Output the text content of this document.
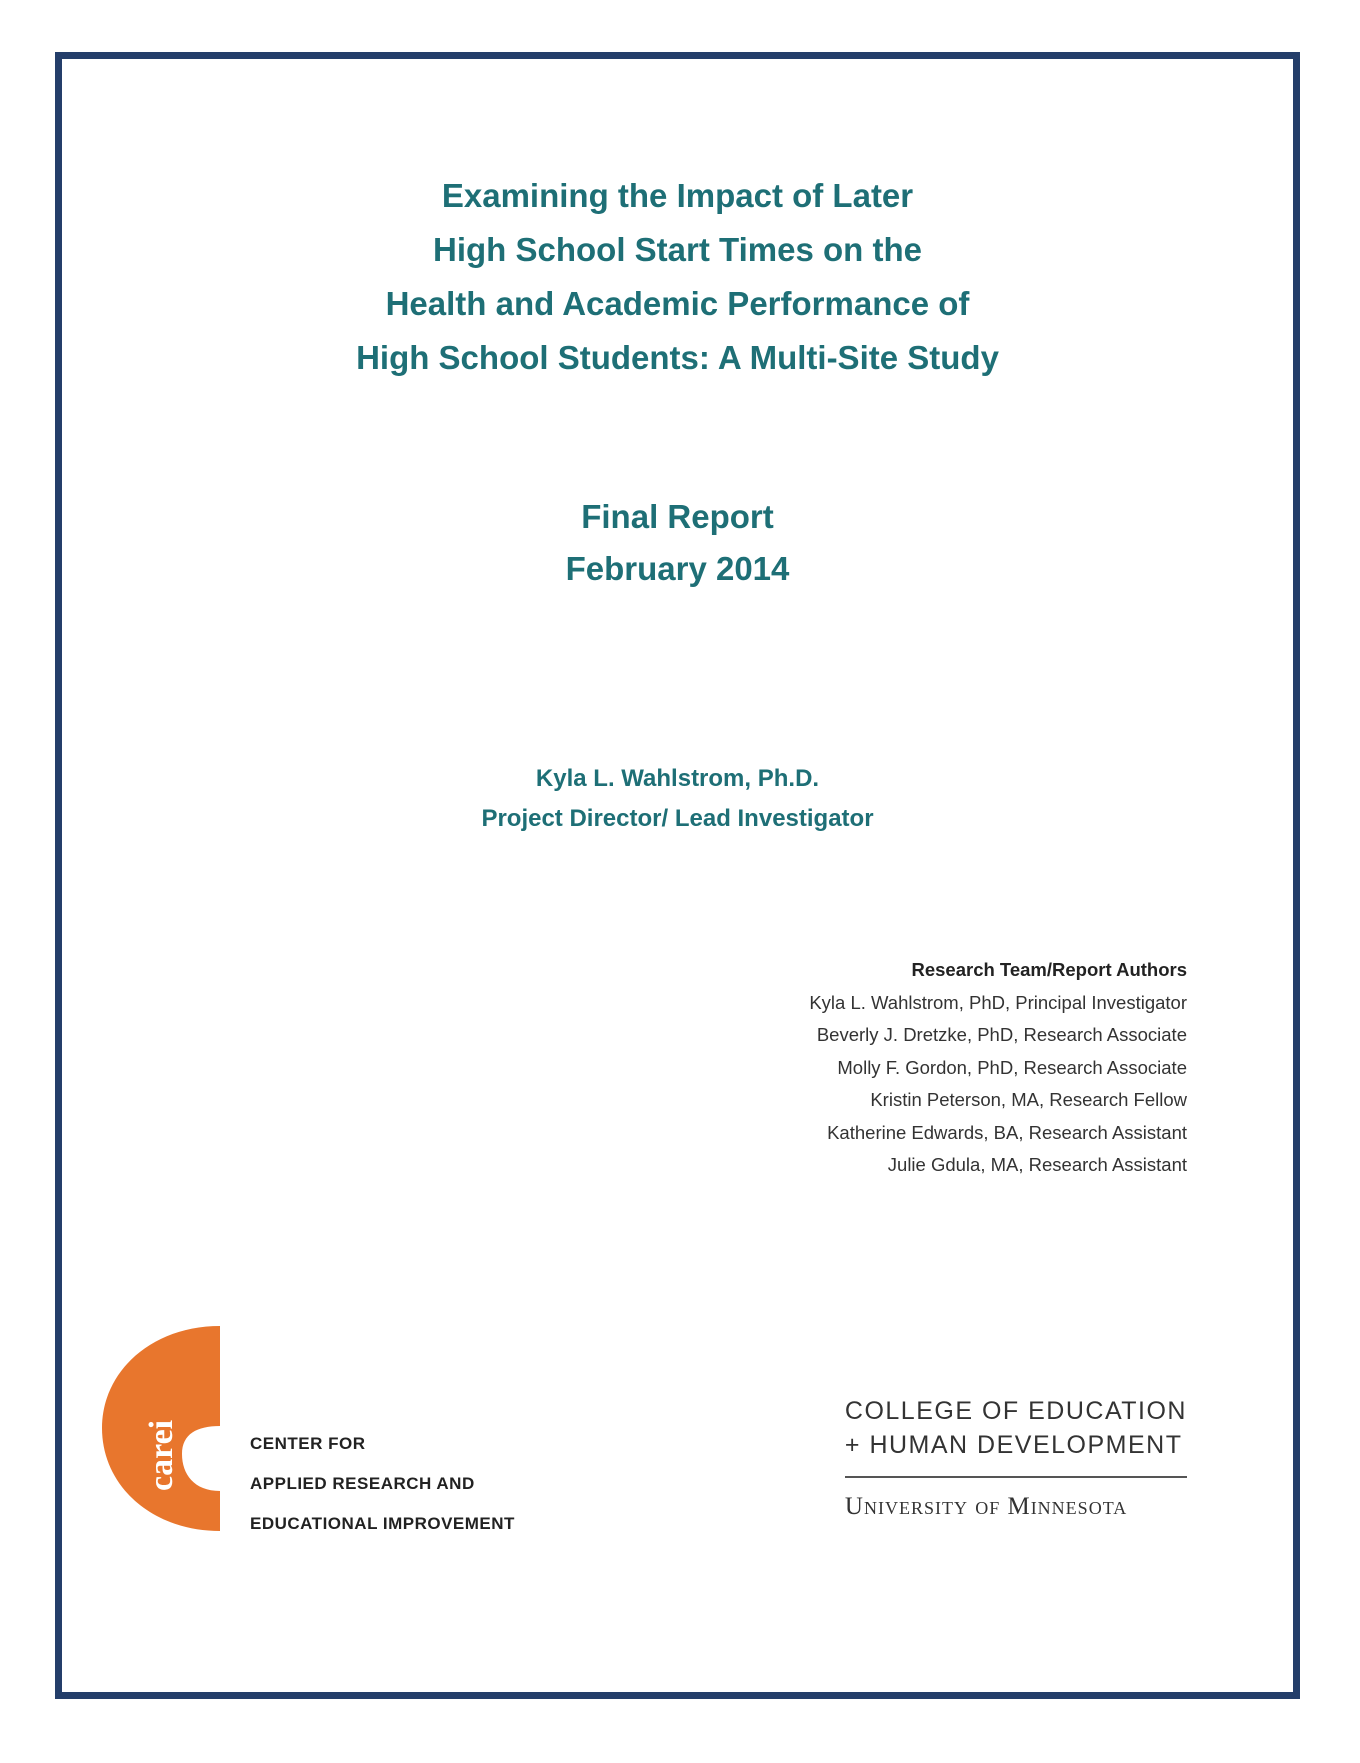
Examining the Impact of Later
High School Start Times on the
Health and Academic Performance of
High School Students: A Multi-Site Study
Final Report
February 2014
Kyla L. Wahlstrom, Ph.D.
Project Director/ Lead Investigator
Research Team/Report Authors
Kyla L. Wahlstrom, PhD, Principal Investigator
Beverly J. Dretzke, PhD, Research Associate
Molly F. Gordon, PhD, Research Associate
Kristin Peterson, MA, Research Fellow
Katherine Edwards, BA, Research Assistant
Julie Gdula, MA, Research Assistant
carei	CENTER FOR
APPLIED RESEARCH AND
EDUCATIONAL IMPROVEMENT
COLLEGE OF EDUCATION
+ HUMAN DEVELOPMENT
University of Minnesota
